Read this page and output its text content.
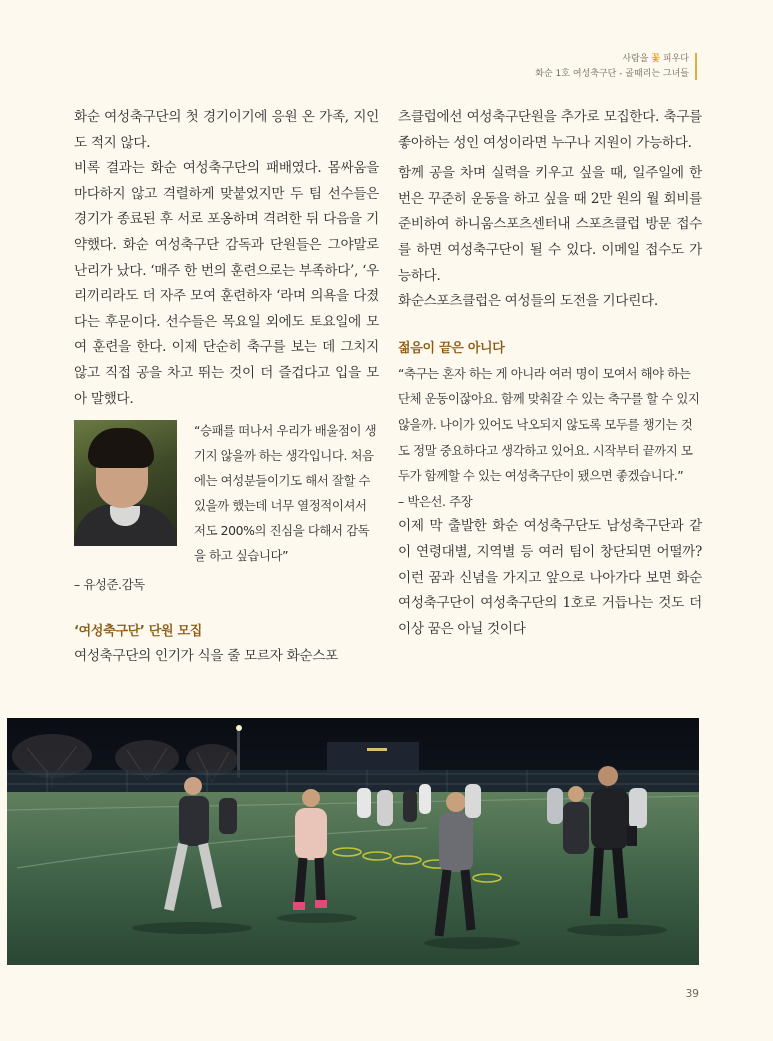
사람을 꽃 피우다
화순 1호 여성축구단 - 골때리는 그녀들

화순 여성축구단의 첫 경기이기에 응원 온 가족, 지인도 적지 않다.

비록 결과는 화순 여성축구단의 패배였다. 몸싸움을 마다하지 않고 격렬하게 맞붙었지만 두 팀 선수들은 경기가 종료된 후 서로 포옹하며 격려한 뒤 다음을 기약했다. 화순 여성축구단 감독과 단원들은 그야말로 난리가 났다. ‘매주 한 번의 훈련으로는 부족하다’, ‘우리끼리라도 더 자주 모여 훈련하자 ‘라며 의욕을 다졌다는 후문이다. 선수들은 목요일 외에도 토요일에 모여 훈련을 한다. 이제 단순히 축구를 보는 데 그치지 않고 직접 공을 차고 뛰는 것이 더 즐겁다고 입을 모아 말했다.

“승패를 떠나서 우리가 배울점이 생기지 않을까 하는 생각입니다. 처음에는 여성분들이기도 해서 잘할 수 있을까 했는데 너무 열정적이셔서 저도 200%의 진심을 다해서 감독을 하고 싶습니다”

– 유성준.감독

‘여성축구단’ 단원 모집

여성축구단의 인기가 식을 줄 모르자 화순스포

츠클럽에선 여성축구단원을 추가로 모집한다. 축구를 좋아하는 성인 여성이라면 누구나 지원이 가능하다.

함께 공을 차며 실력을 키우고 싶을 때, 일주일에 한 번은 꾸준히 운동을 하고 싶을 때 2만 원의 월 회비를 준비하여 하니움스포츠센터내 스포츠클럽 방문 접수를 하면 여성축구단이 될 수 있다. 이메일 접수도 가능하다.

화순스포츠클럽은 여성들의 도전을 기다린다.

젊음이 끝은 아니다

“축구는 혼자 하는 게 아니라 여러 명이 모여서 해야 하는 단체 운동이잖아요. 함께 맞춰갈 수 있는 축구를 할 수 있지 않을까. 나이가 있어도 낙오되지 않도록 모두를 챙기는 것도 정말 중요하다고 생각하고 있어요. 시작부터 끝까지 모두가 함께할 수 있는 여성축구단이 됐으면 좋겠습니다.”

– 박은선. 주장

이제 막 출발한 화순 여성축구단도 남성축구단과 같이 연령대별, 지역별 등 여러 팀이 창단되면 어떨까? 이런 꿈과 신념을 가지고 앞으로 나아가다 보면 화순 여성축구단이 여성축구단의 1호로 거듭나는 것도 더 이상 꿈은 아닐 것이다

39
